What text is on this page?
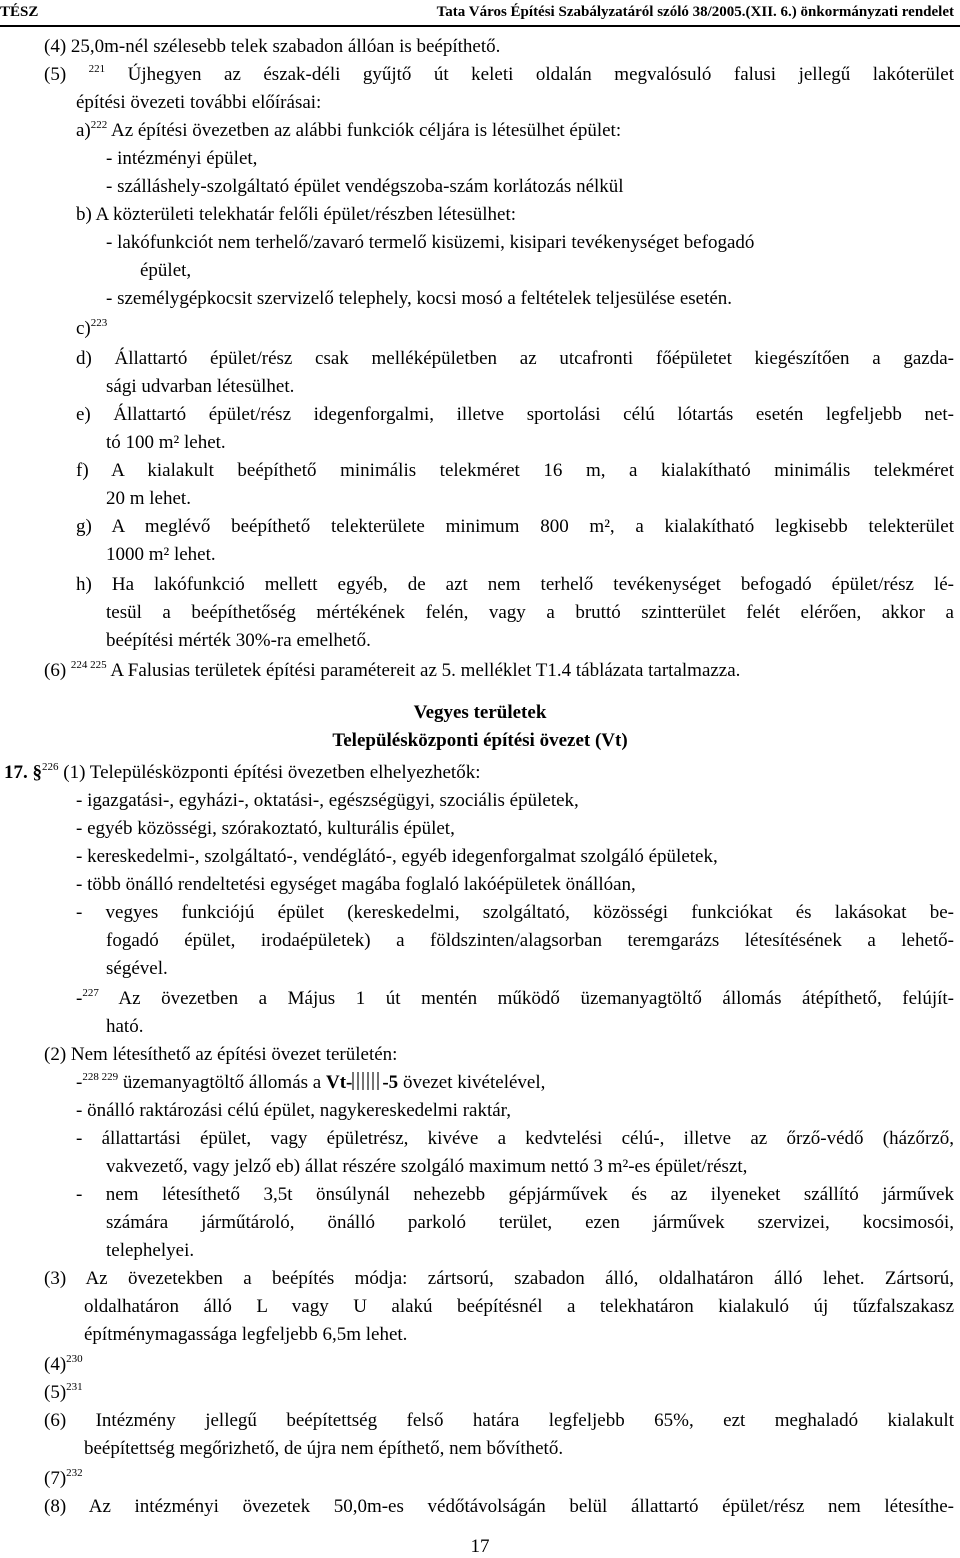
TÉSZ	Tata Város Építési Szabályzatáról szóló 38/2005.(XII. 6.) önkormányzati rendelet
(4) 25,0m-nél szélesebb telek szabadon állóan is beépíthető.
(5) $^{221}$ Újhegyen az észak-déli gyűjtő út keleti oldalán megvalósuló falusi jellegű lakóterület
építési övezeti további előírásai:
a)$^{222}$ Az építési övezetben az alábbi funkciók céljára is létesülhet épület:
- intézményi épület,
- szálláshely-szolgáltató épület vendégszoba-szám korlátozás nélkül
b) A közterületi telekhatár felőli épület/részben létesülhet:
- lakófunkciót nem terhelő/zavaró termelő kisüzemi, kisipari tevékenységet befogadó
épület,
- személygépkocsit szervizelő telephely, kocsi mosó a feltételek teljesülése esetén.
c)$^{223}$
d) Állattartó épület/rész csak melléképületben az utcafronti főépületet kiegészítően a gazda-
sági udvarban létesülhet.
e) Állattartó épület/rész idegenforgalmi, illetve sportolási célú lótartás esetén legfeljebb net-
tó 100 m² lehet.
f) A kialakult beépíthető minimális telekméret 16 m, a kialakítható minimális telekméret
20 m lehet.
g) A meglévő beépíthető telekterülete minimum 800 m², a kialakítható legkisebb telekterület
1000 m² lehet.
h) Ha lakófunkció mellett egyéb, de azt nem terhelő tevékenységet befogadó épület/rész lé-
tesül a beépíthetőség mértékének felén, vagy a bruttó szintterület felét elérően, akkor a
beépítési mérték 30%-ra emelhető.
(6) $^{224 225}$ A Falusias területek építési paramétereit az 5. melléklet T1.4 táblázata tartalmazza.
Vegyes területek
Településközponti építési övezet (Vt)
17. §$^{226}$ (1) Településközponti építési övezetben elhelyezhetők:
- igazgatási-, egyházi-, oktatási-, egészségügyi, szociális épületek,
- egyéb közösségi, szórakoztató, kulturális épület,
- kereskedelmi-, szolgáltató-, vendéglátó-, egyéb idegenforgalmat szolgáló épületek,
- több önálló rendeltetési egységet magába foglaló lakóépületek önállóan,
- vegyes funkciójú épület (kereskedelmi, szolgáltató, közösségi funkciókat és lakásokat be-
fogadó épület, irodaépületek) a földszinten/alagsorban teremgarázs létesítésének a lehető-
ségével.
-$^{227}$ Az övezetben a Május 1 út mentén működő üzemanyagtöltő állomás átépíthető, felújít-
ható.
(2) Nem létesíthető az építési övezet területén:
-$^{228 229}$ üzemanyagtöltő állomás a Vt- -5 övezet kivételével,
- önálló raktározási célú épület, nagykereskedelmi raktár,
- állattartási épület, vagy épületrész, kivéve a kedvtelési célú-, illetve az őrző-védő (házőrző,
vakvezető, vagy jelző eb) állat részére szolgáló maximum nettó 3 m²-es épület/részt,
- nem létesíthető 3,5t önsúlynál nehezebb gépjárművek és az ilyeneket szállító járművek
számára járműtároló, önálló parkoló terület, ezen járművek szervizei, kocsimosói,
telephelyei.
(3) Az övezetekben a beépítés módja: zártsorú, szabadon álló, oldalhatáron álló lehet. Zártsorú,
oldalhatáron álló L vagy U alakú beépítésnél a telekhatáron kialakuló új tűzfalszakasz
építménymagassága legfeljebb 6,5m lehet.
$(4)^{230}$
$(5)^{231}$
(6) Intézmény jellegű beépítettség felső határa legfeljebb 65%, ezt meghaladó kialakult
beépítettség megőrizhető, de újra nem építhető, nem bővíthető.
$(7)^{232}$
(8) Az intézményi övezetek 50,0m-es védőtávolságán belül állattartó épület/rész nem létesíthe-
17
